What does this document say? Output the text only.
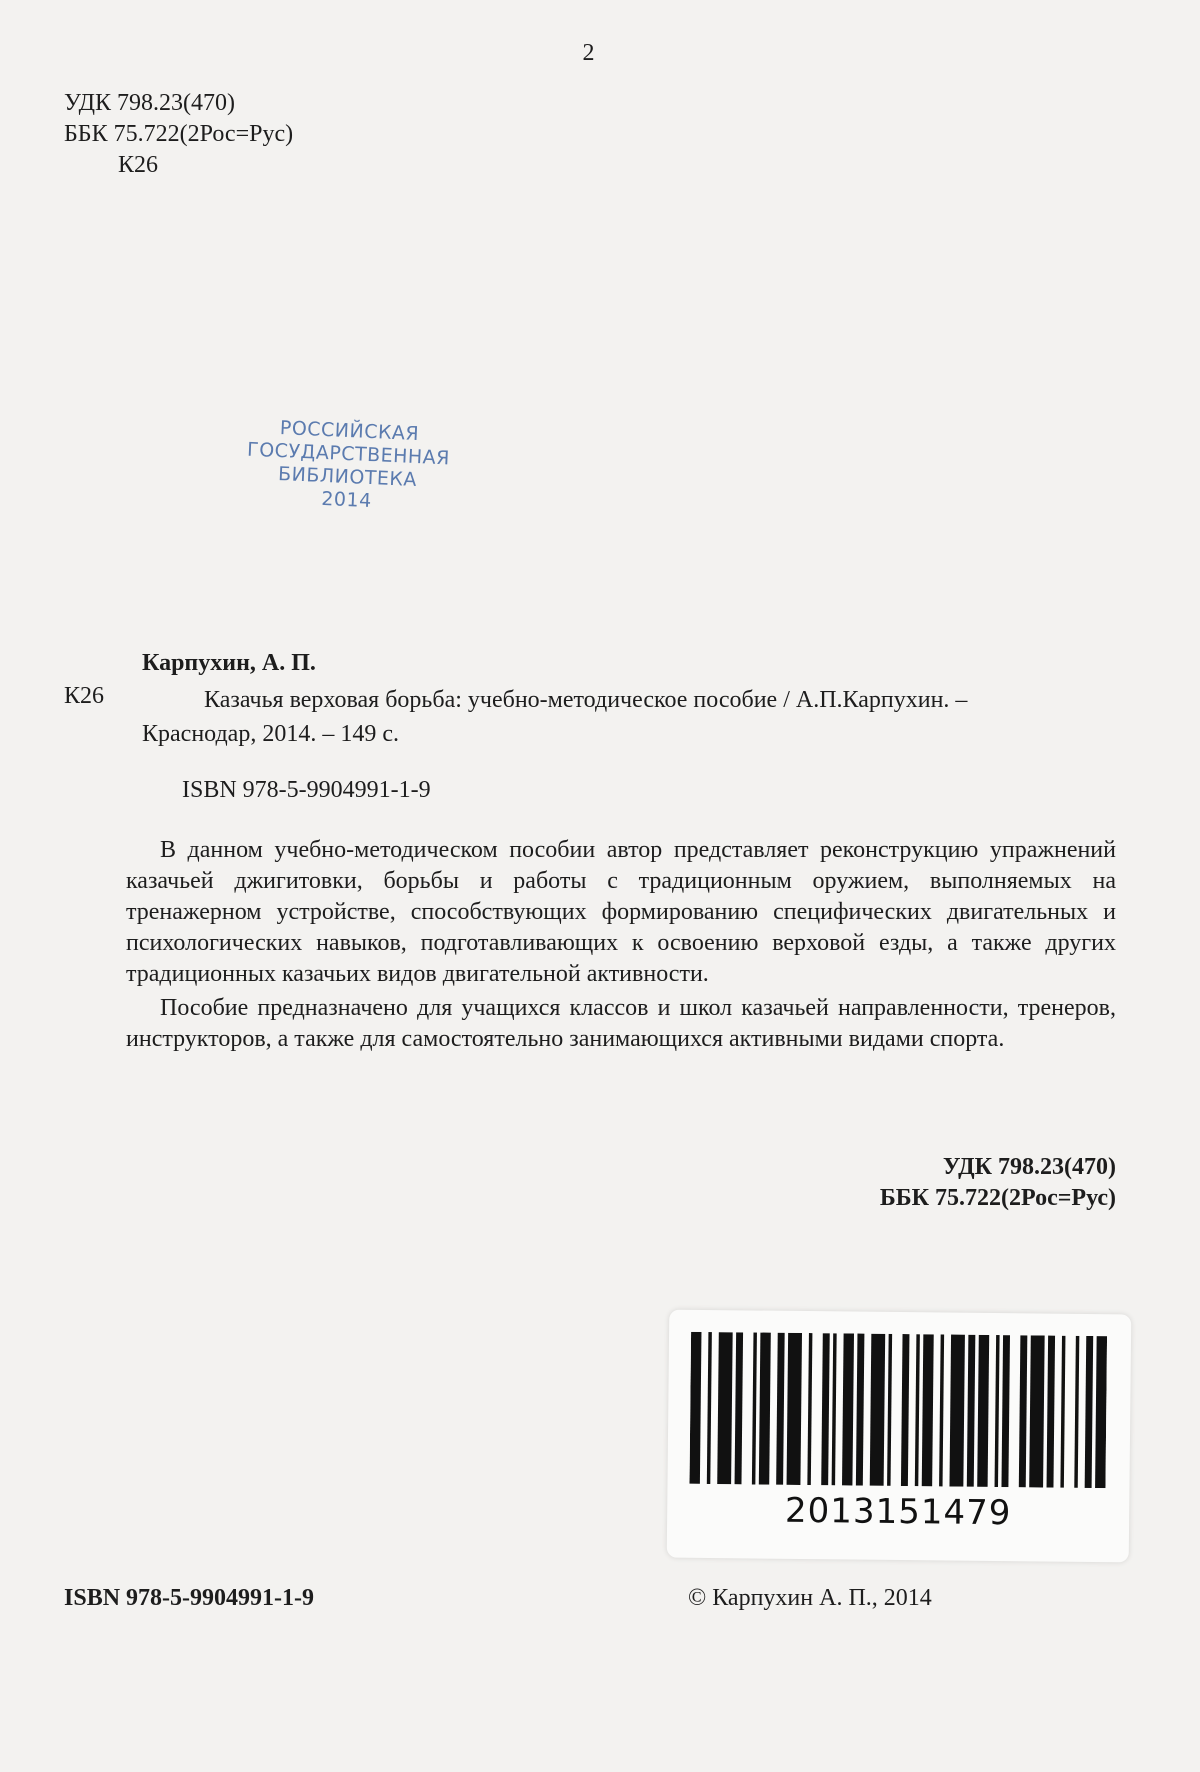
2
УДК 798.23(470)
ББК 75.722(2Рос=Рус)
К26

РОССИЙСКАЯ
ГОСУДАРСТВЕННАЯ
БИБЛИОТЕКА
2014
Карпухин, А. П.
К26	Казачья верховая борьба: учебно-методическое пособие / А.П.Карпухин. – Краснодар, 2014. – 149 с.
ISBN 978-5-9904991-1-9

В данном учебно-методическом пособии автор представляет реконструкцию упражнений казачьей джигитовки, борьбы и работы с традиционным оружием, выполняемых на тренажерном устройстве, способствующих формированию специфических двигательных и психологических навыков, подготавливающих к освоению верховой езды, а также других традиционных казачьих видов двигательной активности.

Пособие предназначено для учащихся классов и школ казачьей направленности, тренеров, инструкторов, а также для самостоятельно занимающихся активными видами спорта.

УДК 798.23(470)
ББК 75.722(2Рос=Рус)
2013151479
ISBN 978-5-9904991-1-9	© Карпухин А. П., 2014
